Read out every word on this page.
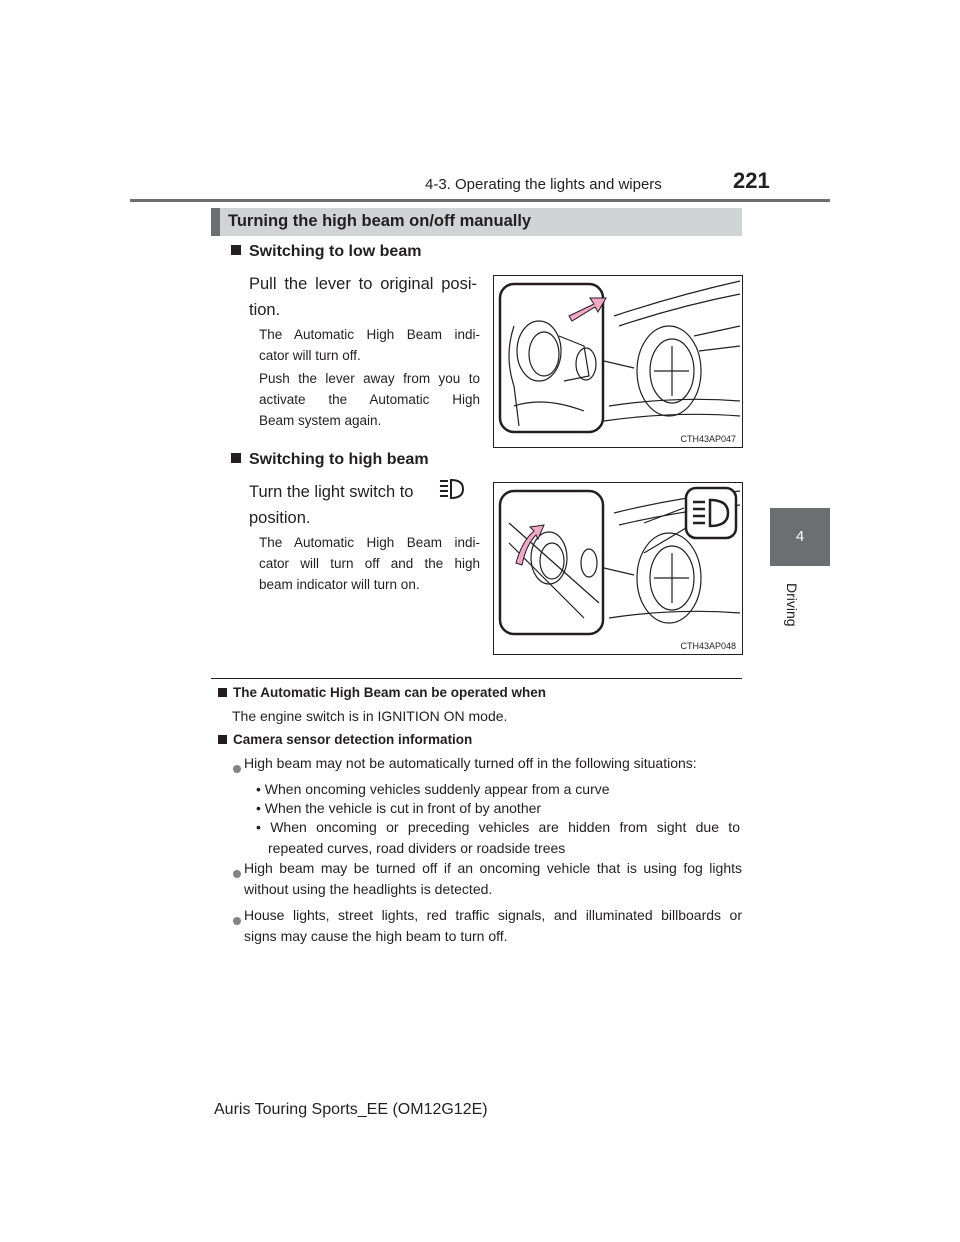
4-3. Operating the lights and wipers	221
4
Driving
Turning the high beam on/off manually
Switching to low beam
Pull the lever to original posi-
tion.
The Automatic High Beam indi-
cator will turn off.
Push the lever away from you to
activate the Automatic High
Beam system again.
CTH43AP047
Switching to high beam
Turn the light switch to
position.
The Automatic High Beam indi-
cator will turn off and the high
beam indicator will turn on.
CTH43AP048
The Automatic High Beam can be operated when
The engine switch is in IGNITION ON mode.
Camera sensor detection information
High beam may not be automatically turned off in the following situations:
• When oncoming vehicles suddenly appear from a curve
• When the vehicle is cut in front of by another
• When oncoming or preceding vehicles are hidden from sight due to
repeated curves, road dividers or roadside trees
High beam may be turned off if an oncoming vehicle that is using fog lights
without using the headlights is detected.
House lights, street lights, red traffic signals, and illuminated billboards or
signs may cause the high beam to turn off.
Auris Touring Sports_EE (OM12G12E)
